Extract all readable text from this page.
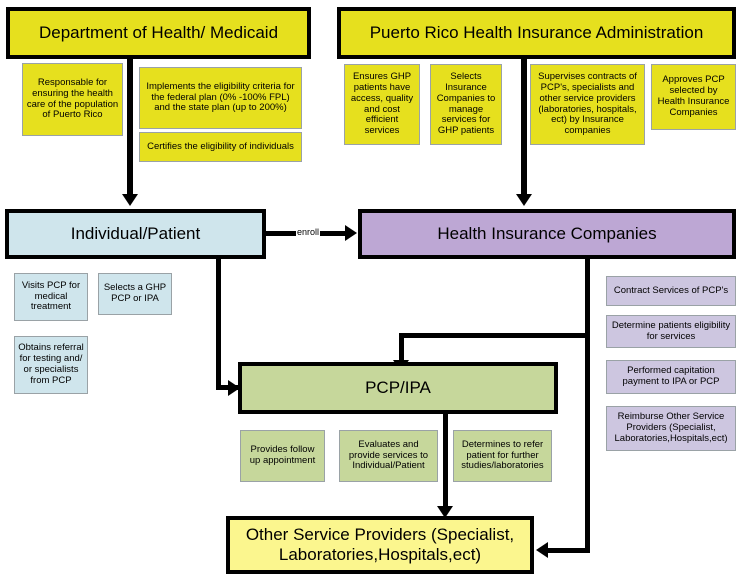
enroll
Department of Health/ Medicaid	Puerto Rico Health Insurance Administration
Individual/Patient	Health Insurance Companies
PCP/IPA
Other Service Providers (Specialist, Laboratories,Hospitals,ect)
Responsable for ensuring the health care of the population of Puerto Rico
Implements the eligibility criteria for the federal plan (0% -100% FPL) and the state plan (up to 200%)
Certifies the eligibility of individuals
Ensures GHP patients have access, quality and cost efficient services
Selects Insurance Companies to manage services for GHP patients
Supervises contracts of PCP's, specialists and other service providers (laboratories, hospitals, ect) by Insurance companies
Approves PCP selected by Health Insurance Companies
Visits PCP for medical treatment
Selects a GHP PCP or IPA
Obtains referral for testing and/ or specialists from PCP
Contract Services of PCP's
Determine patients eligibility for services
Performed capitation payment to IPA or PCP
Reimburse Other Service Providers (Specialist, Laboratories,Hospitals,ect)
Provides follow up appointment
Evaluates and provide services to Individual/Patient
Determines to refer patient for further studies/laboratories
